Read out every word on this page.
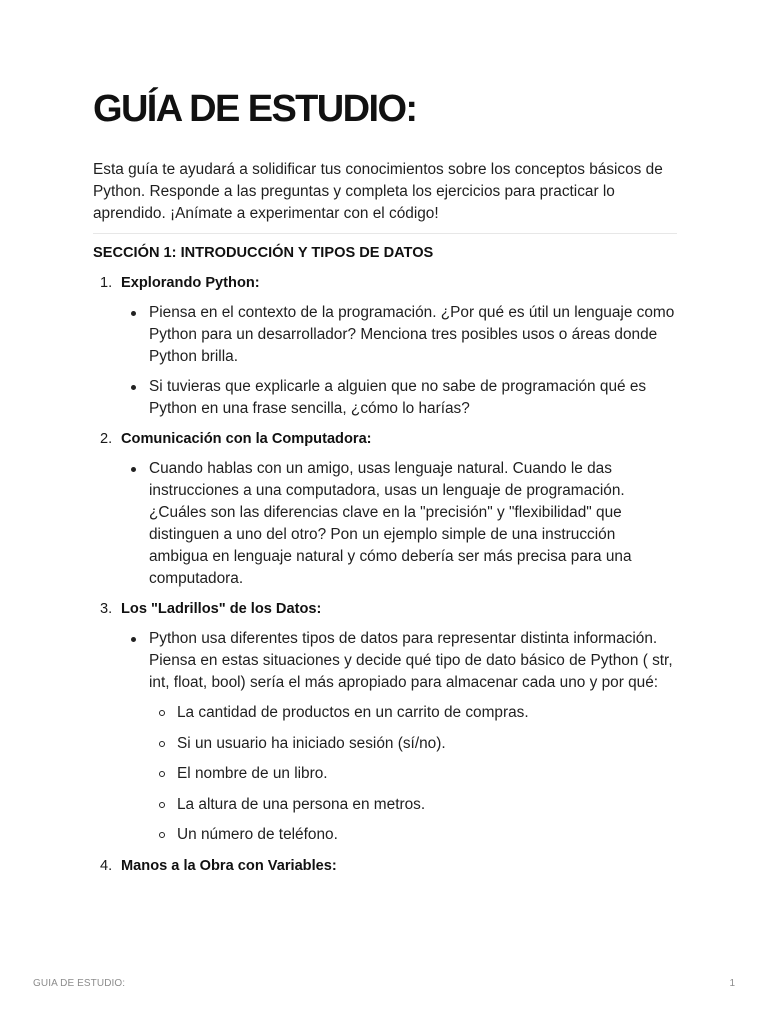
GUÍA DE ESTUDIO:

Esta guía te ayudará a solidificar tus conocimientos sobre los conceptos básicos de Python. Responde a las preguntas y completa los ejercicios para practicar lo aprendido. ¡Anímate a experimentar con el código!

SECCIÓN 1: INTRODUCCIÓN Y TIPOS DE DATOS
1. Explorando Python:
Piensa en el contexto de la programación. ¿Por qué es útil un lenguaje como Python para un desarrollador? Menciona tres posibles usos o áreas donde Python brilla.
Si tuvieras que explicarle a alguien que no sabe de programación qué es Python en una frase sencilla, ¿cómo lo harías?
2. Comunicación con la Computadora:
Cuando hablas con un amigo, usas lenguaje natural. Cuando le das instrucciones a una computadora, usas un lenguaje de programación. ¿Cuáles son las diferencias clave en la "precisión" y "flexibilidad" que distinguen a uno del otro? Pon un ejemplo simple de una instrucción ambigua en lenguaje natural y cómo debería ser más precisa para una computadora.
3. Los "Ladrillos" de los Datos:
Python usa diferentes tipos de datos para representar distinta información. Piensa en estas situaciones y decide qué tipo de dato básico de Python ( str, int, float, bool) sería el más apropiado para almacenar cada uno y por qué:
La cantidad de productos en un carrito de compras.
Si un usuario ha iniciado sesión (sí/no).
El nombre de un libro.
La altura de una persona en metros.
Un número de teléfono.
4. Manos a la Obra con Variables:
GUIA DE ESTUDIO:	1
